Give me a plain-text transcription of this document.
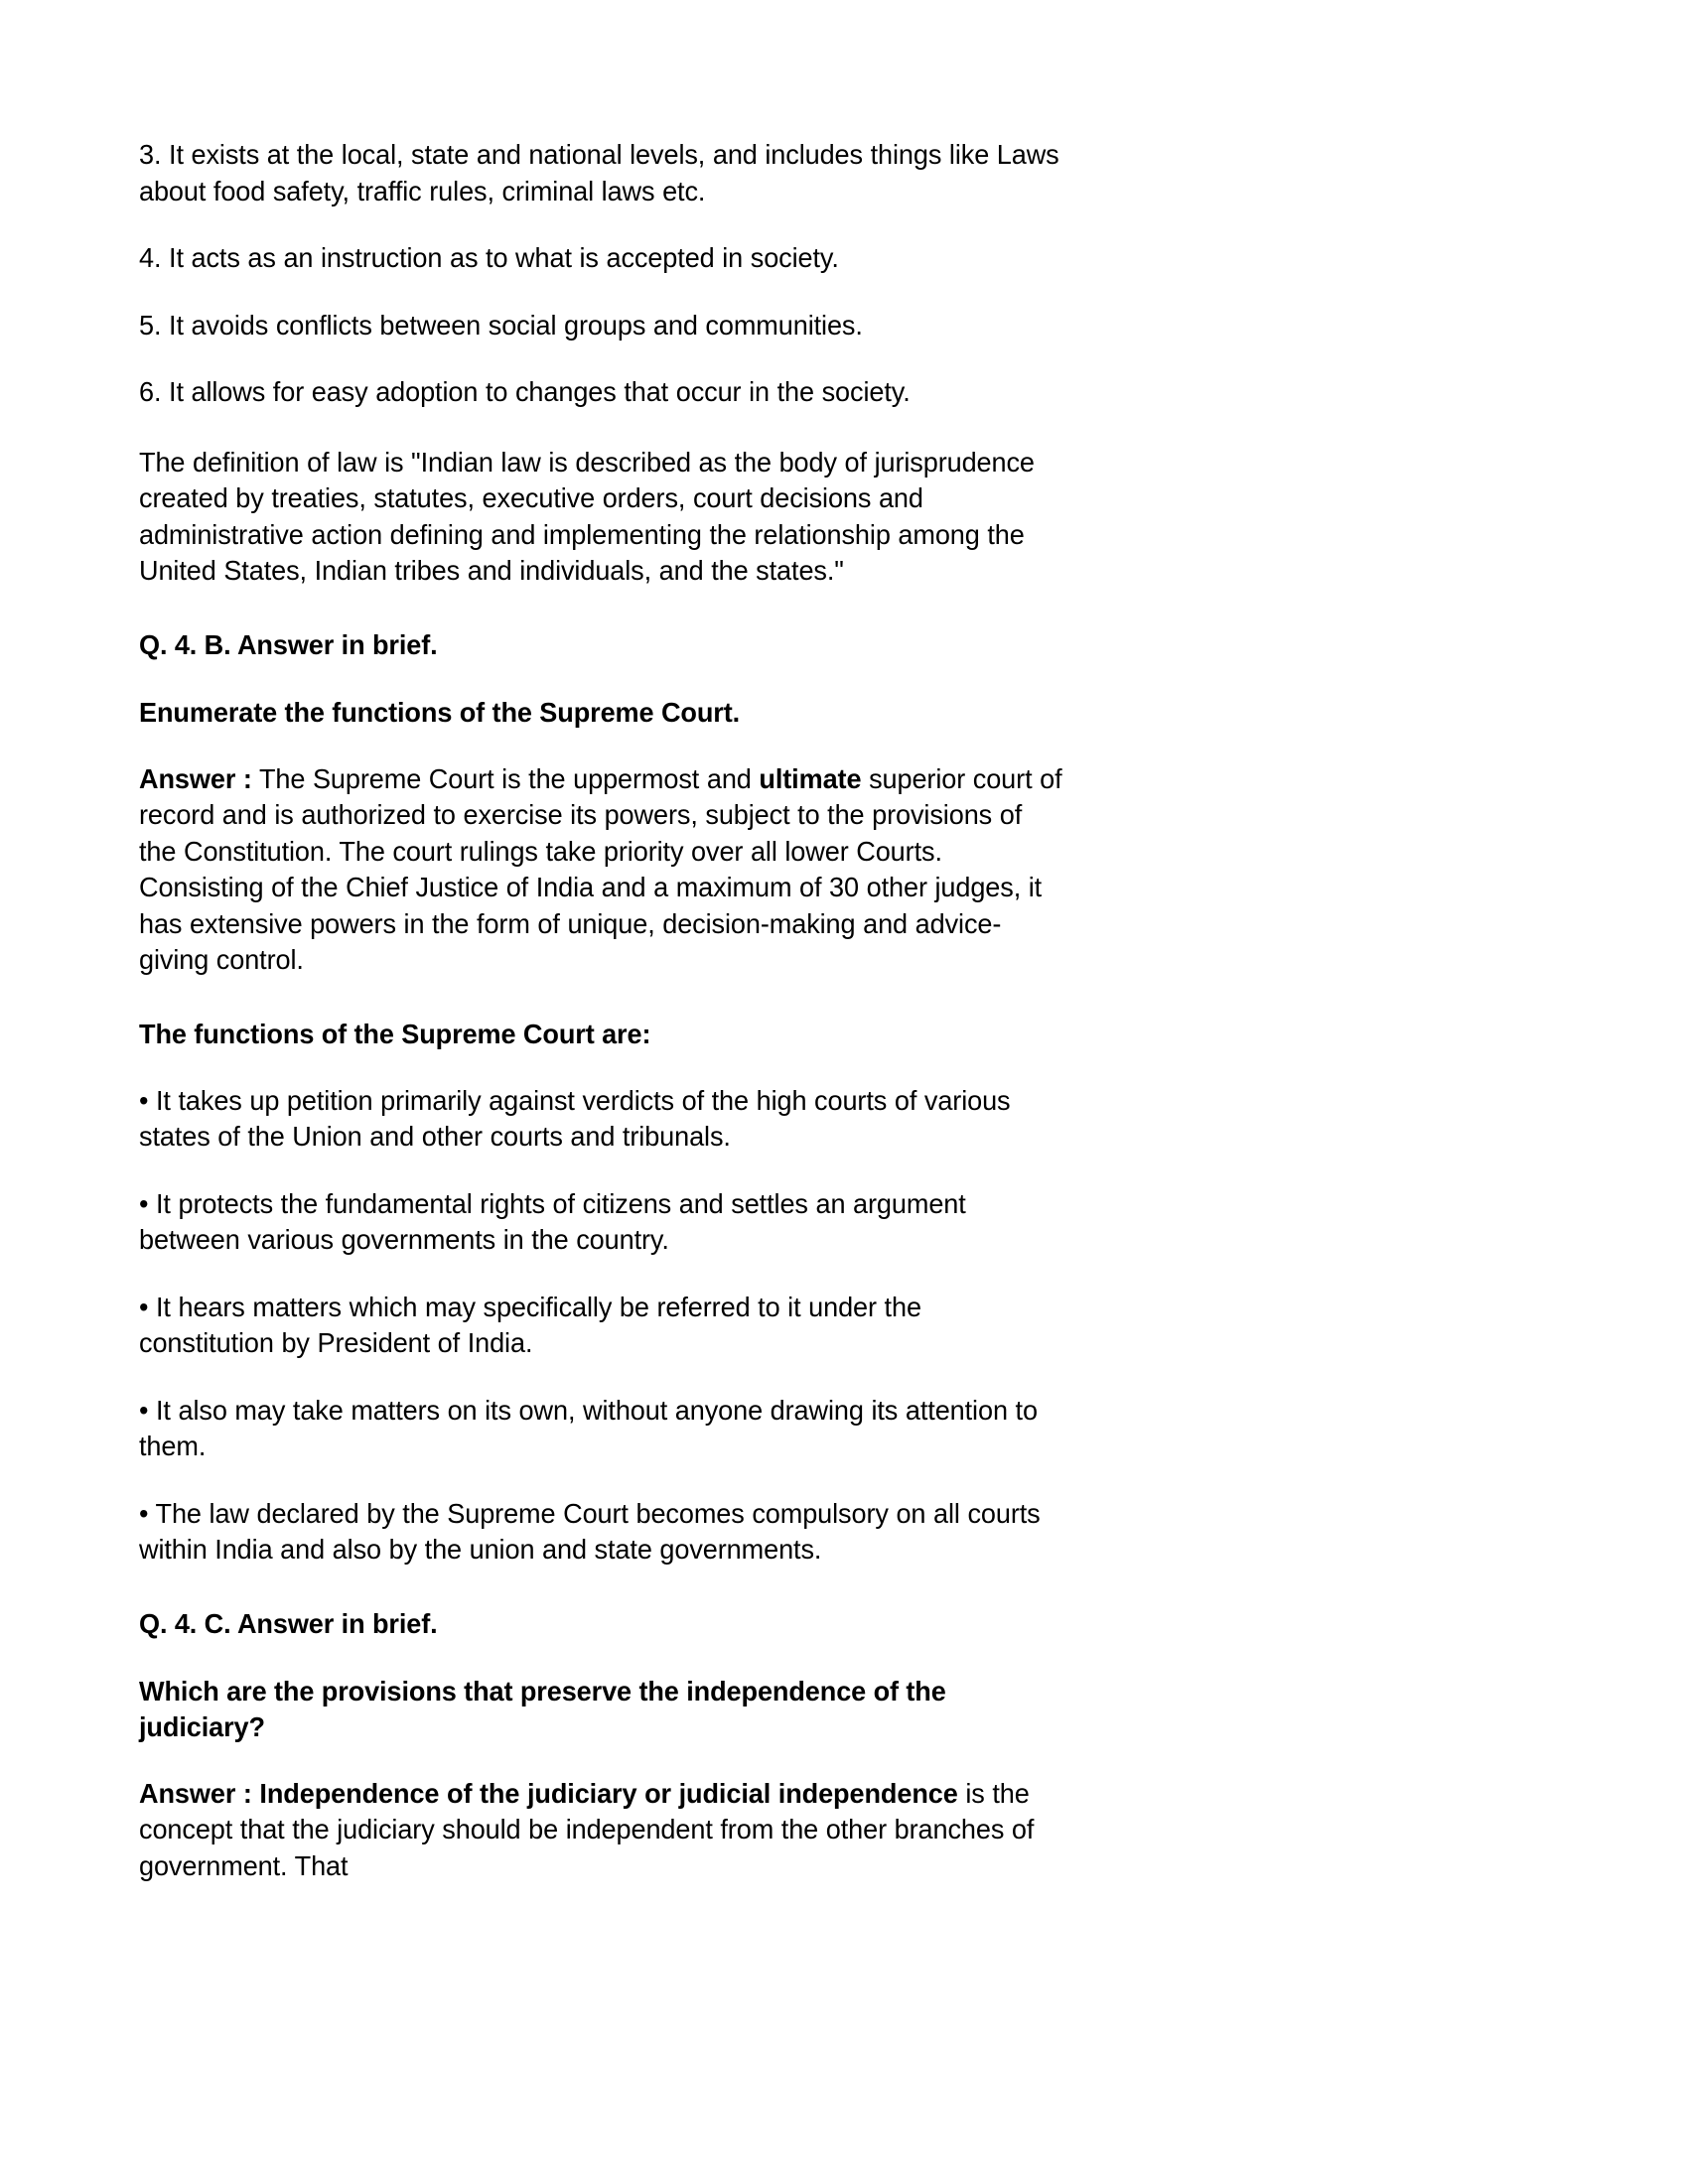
3. It exists at the local, state and national levels, and includes things like Laws about food safety, traffic rules, criminal laws etc.

4. It acts as an instruction as to what is accepted in society.

5. It avoids conflicts between social groups and communities.

6. It allows for easy adoption to changes that occur in the society.

The definition of law is "Indian law is described as the body of jurisprudence created by treaties, statutes, executive orders, court decisions and administrative action defining and implementing the relationship among the United States, Indian tribes and individuals, and the states."

Q. 4. B. Answer in brief.

Enumerate the functions of the Supreme Court.

Answer : The Supreme Court is the uppermost and ultimate superior court of record and is authorized to exercise its powers, subject to the provisions of the Constitution. The court rulings take priority over all lower Courts. Consisting of the Chief Justice of India and a maximum of 30 other judges, it has extensive powers in the form of unique, decision-making and advice-giving control.

The functions of the Supreme Court are:

• It takes up petition primarily against verdicts of the high courts of various states of the Union and other courts and tribunals.

• It protects the fundamental rights of citizens and settles an argument between various governments in the country.

• It hears matters which may specifically be referred to it under the constitution by President of India.

• It also may take matters on its own, without anyone drawing its attention to them.

• The law declared by the Supreme Court becomes compulsory on all courts within India and also by the union and state governments.

Q. 4. C. Answer in brief.

Which are the provisions that preserve the independence of the judiciary?

Answer : Independence of the judiciary or judicial independence is the concept that the judiciary should be independent from the other branches of government. That
